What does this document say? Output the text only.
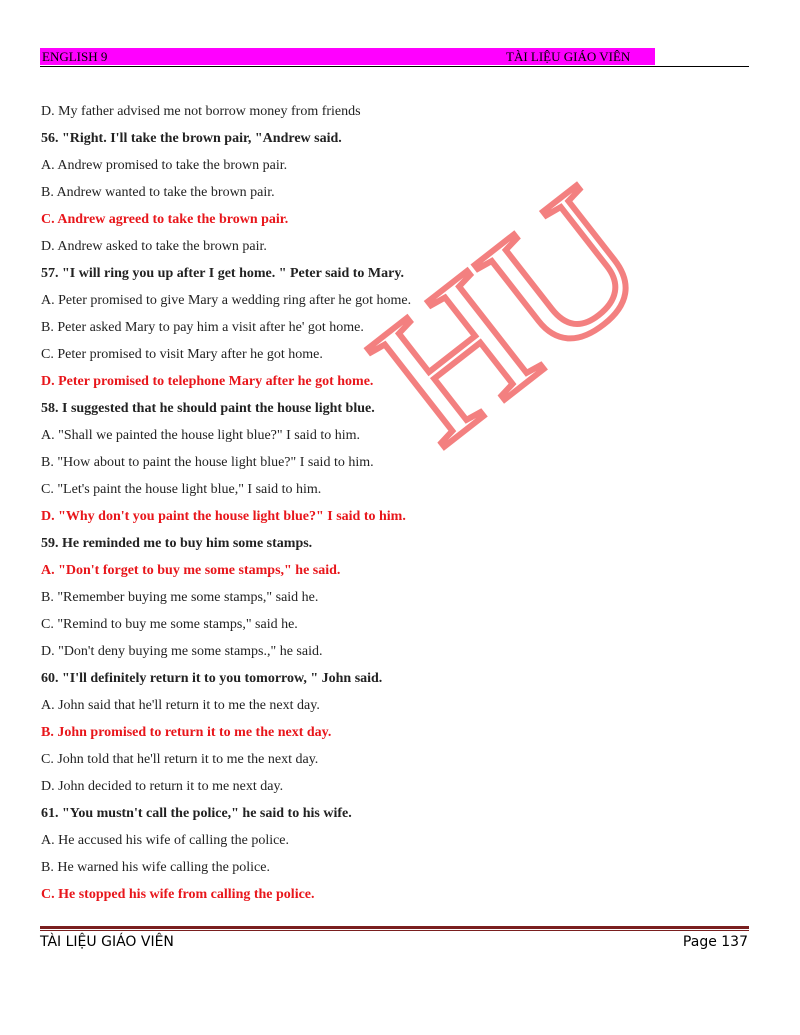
ENGLISH 9	TÀI LIỆU GIÁO VIÊN
HU
D. My father advised me not borrow money from friends
56. "Right. I'll take the brown pair, "Andrew said.
A. Andrew promised to take the brown pair.
B. Andrew wanted to take the brown pair.
C. Andrew agreed to take the brown pair.
D. Andrew asked to take the brown pair.
57. "I will ring you up after I get home. " Peter said to Mary.
A. Peter promised to give Mary a wedding ring after he got home.
B. Peter asked Mary to pay him a visit after he' got home.
C. Peter promised to visit Mary after he got home.
D. Peter promised to telephone Mary after he got home.
58. I suggested that he should paint the house light blue.
A. "Shall we painted the house light blue?" I said to him.
B. "How about to paint the house light blue?" I said to him.
C. "Let's paint the house light blue," I said to him.
D. "Why don't you paint the house light blue?" I said to him.
59. He reminded me to buy him some stamps.
A. "Don't forget to buy me some stamps," he said.
B. "Remember buying me some stamps," said he.
C. "Remind to buy me some stamps," said he.
D. "Don't deny buying me some stamps.," he said.
60. "I'll definitely return it to you tomorrow, " John said.
A. John said that he'll return it to me the next day.
B. John promised to return it to me the next day.
C. John told that he'll return it to me the next day.
D. John decided to return it to me next day.
61. "You mustn't call the police," he said to his wife.
A. He accused his wife of calling the police.
B. He warned his wife calling the police.
C. He stopped his wife from calling the police.
TÀI LIỆU GIÁO VIÊN	Page 137
